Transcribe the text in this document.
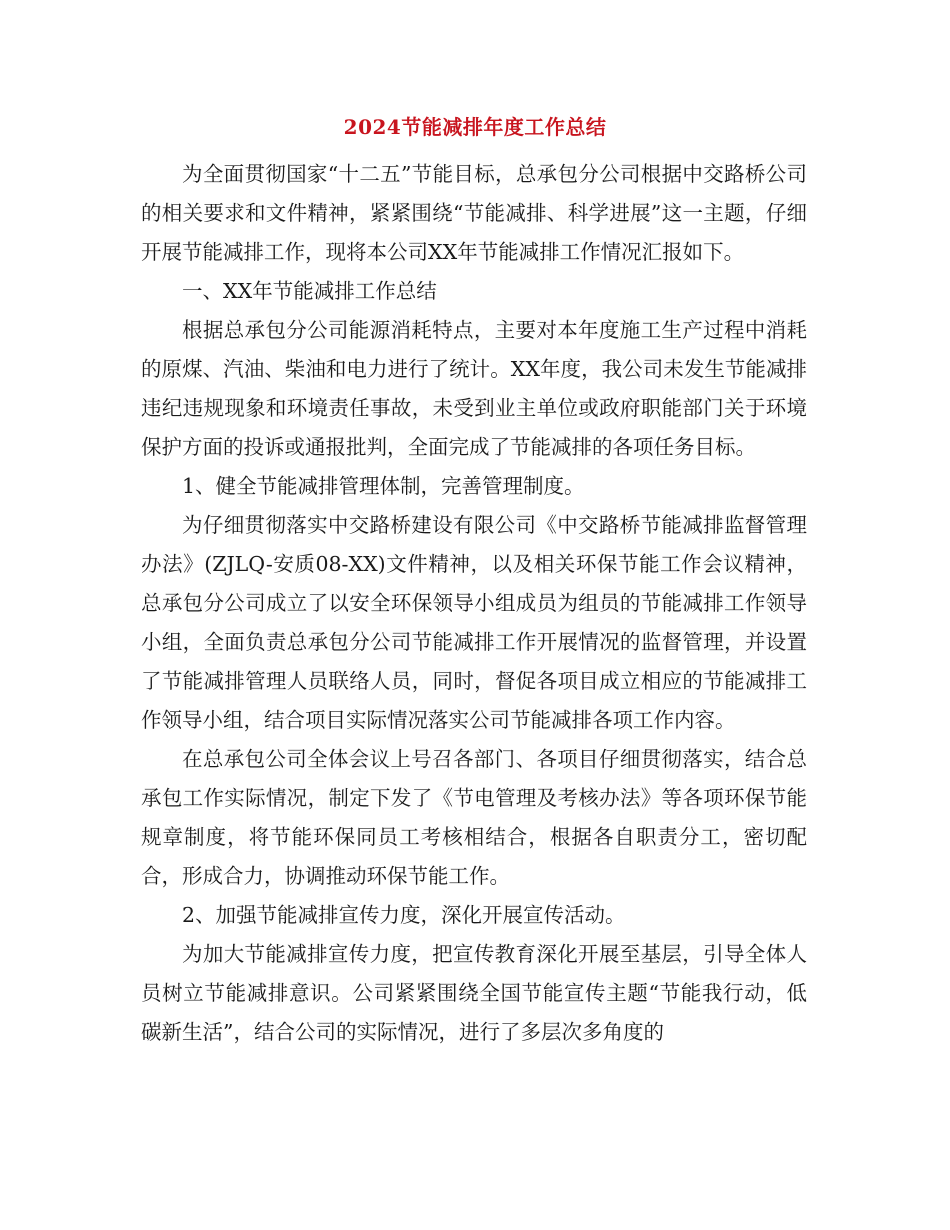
2024节能减排年度工作总结

为全面贯彻国家“十二五”节能目标，总承包分公司根据中交路桥公司的相关要求和文件精神，紧紧围绕“节能减排、科学进展”这一主题，仔细开展节能减排工作，现将本公司XX年节能减排工作情况汇报如下。

一、XX年节能减排工作总结

根据总承包分公司能源消耗特点，主要对本年度施工生产过程中消耗的原煤、汽油、柴油和电力进行了统计。XX年度，我公司未发生节能减排违纪违规现象和环境责任事故，未受到业主单位或政府职能部门关于环境保护方面的投诉或通报批判，全面完成了节能减排的各项任务目标。

1、健全节能减排管理体制，完善管理制度。

为仔细贯彻落实中交路桥建设有限公司《中交路桥节能减排监督管理办法》(ZJLQ-安质08-XX)文件精神，以及相关环保节能工作会议精神，总承包分公司成立了以安全环保领导小组成员为组员的节能减排工作领导小组，全面负责总承包分公司节能减排工作开展情况的监督管理，并设置了节能减排管理人员联络人员，同时，督促各项目成立相应的节能减排工作领导小组，结合项目实际情况落实公司节能减排各项工作内容。

在总承包公司全体会议上号召各部门、各项目仔细贯彻落实，结合总承包工作实际情况，制定下发了《节电管理及考核办法》等各项环保节能规章制度，将节能环保同员工考核相结合，根据各自职责分工，密切配合，形成合力，协调推动环保节能工作。

2、加强节能减排宣传力度，深化开展宣传活动。

为加大节能减排宣传力度，把宣传教育深化开展至基层，引导全体人员树立节能减排意识。公司紧紧围绕全国节能宣传主题“节能我行动，低碳新生活”，结合公司的实际情况，进行了多层次多角度的
